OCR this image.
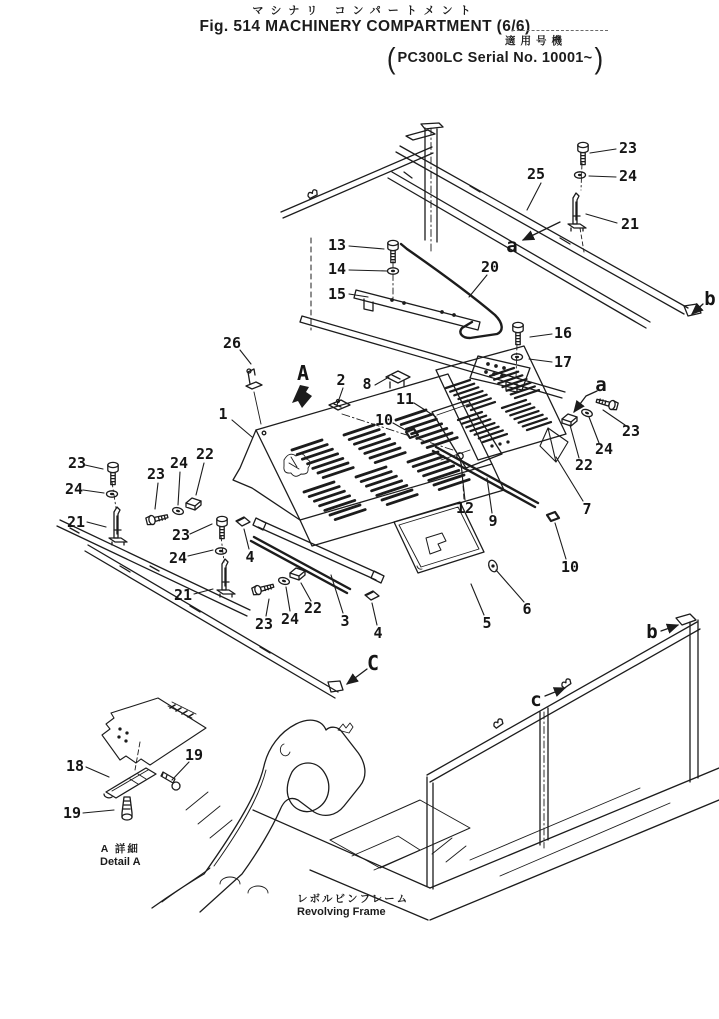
マシナリ コンパートメント
Fig. 514 MACHINERY COMPARTMENT (6/6)
適用号機
( PC300LC Serial No. 10001~ )
23
24
25
21
a
b
13
14
15
20
16
17
26
A 2 8
11
10
1
a
23
24
22
7
12
9
10
23
24
21
23
24 22
23
24	4
21
23 24
22
3
4
5
6
C
c
b
18
19
19
A 詳細
Detail A
レボルビンフレーム
Revolving Frame
